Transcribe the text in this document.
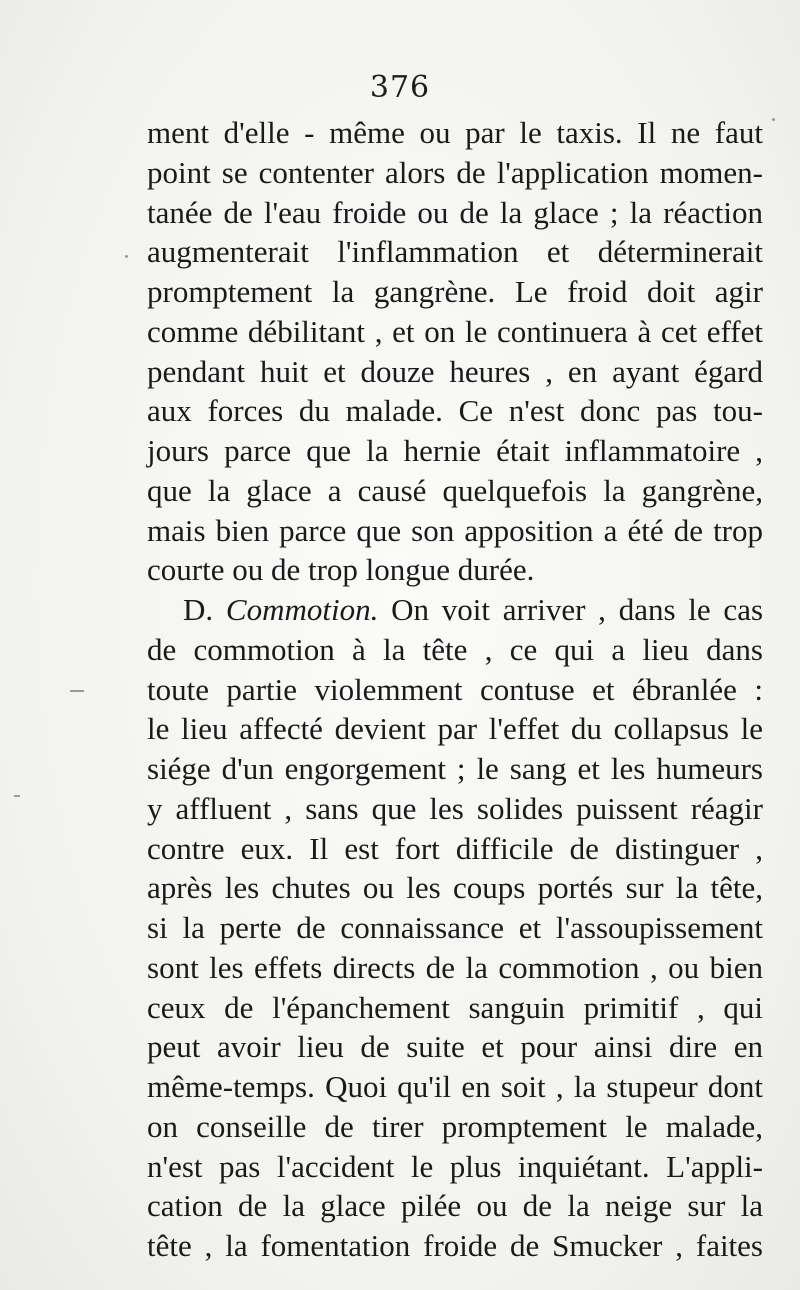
376
ment d'elle - même ou par le taxis. Il ne faut
point se contenter alors de l'application momen-
tanée de l'eau froide ou de la glace ; la réaction
augmenterait l'inflammation et déterminerait
promptement la gangrène. Le froid doit agir
comme débilitant , et on le continuera à cet effet
pendant huit et douze heures , en ayant égard
aux forces du malade. Ce n'est donc pas tou-
jours parce que la hernie était inflammatoire ,
que la glace a causé quelquefois la gangrène,
mais bien parce que son apposition a été de trop
courte ou de trop longue durée.
D. Commotion. On voit arriver , dans le cas
de commotion à la tête , ce qui a lieu dans
toute partie violemment contuse et ébranlée :
le lieu affecté devient par l'effet du collapsus le
siége d'un engorgement ; le sang et les humeurs
y affluent , sans que les solides puissent réagir
contre eux. Il est fort difficile de distinguer ,
après les chutes ou les coups portés sur la tête,
si la perte de connaissance et l'assoupissement
sont les effets directs de la commotion , ou bien
ceux de l'épanchement sanguin primitif , qui
peut avoir lieu de suite et pour ainsi dire en
même-temps. Quoi qu'il en soit , la stupeur dont
on conseille de tirer promptement le malade,
n'est pas l'accident le plus inquiétant. L'appli-
cation de la glace pilée ou de la neige sur la
tête , la fomentation froide de Smucker , faites
